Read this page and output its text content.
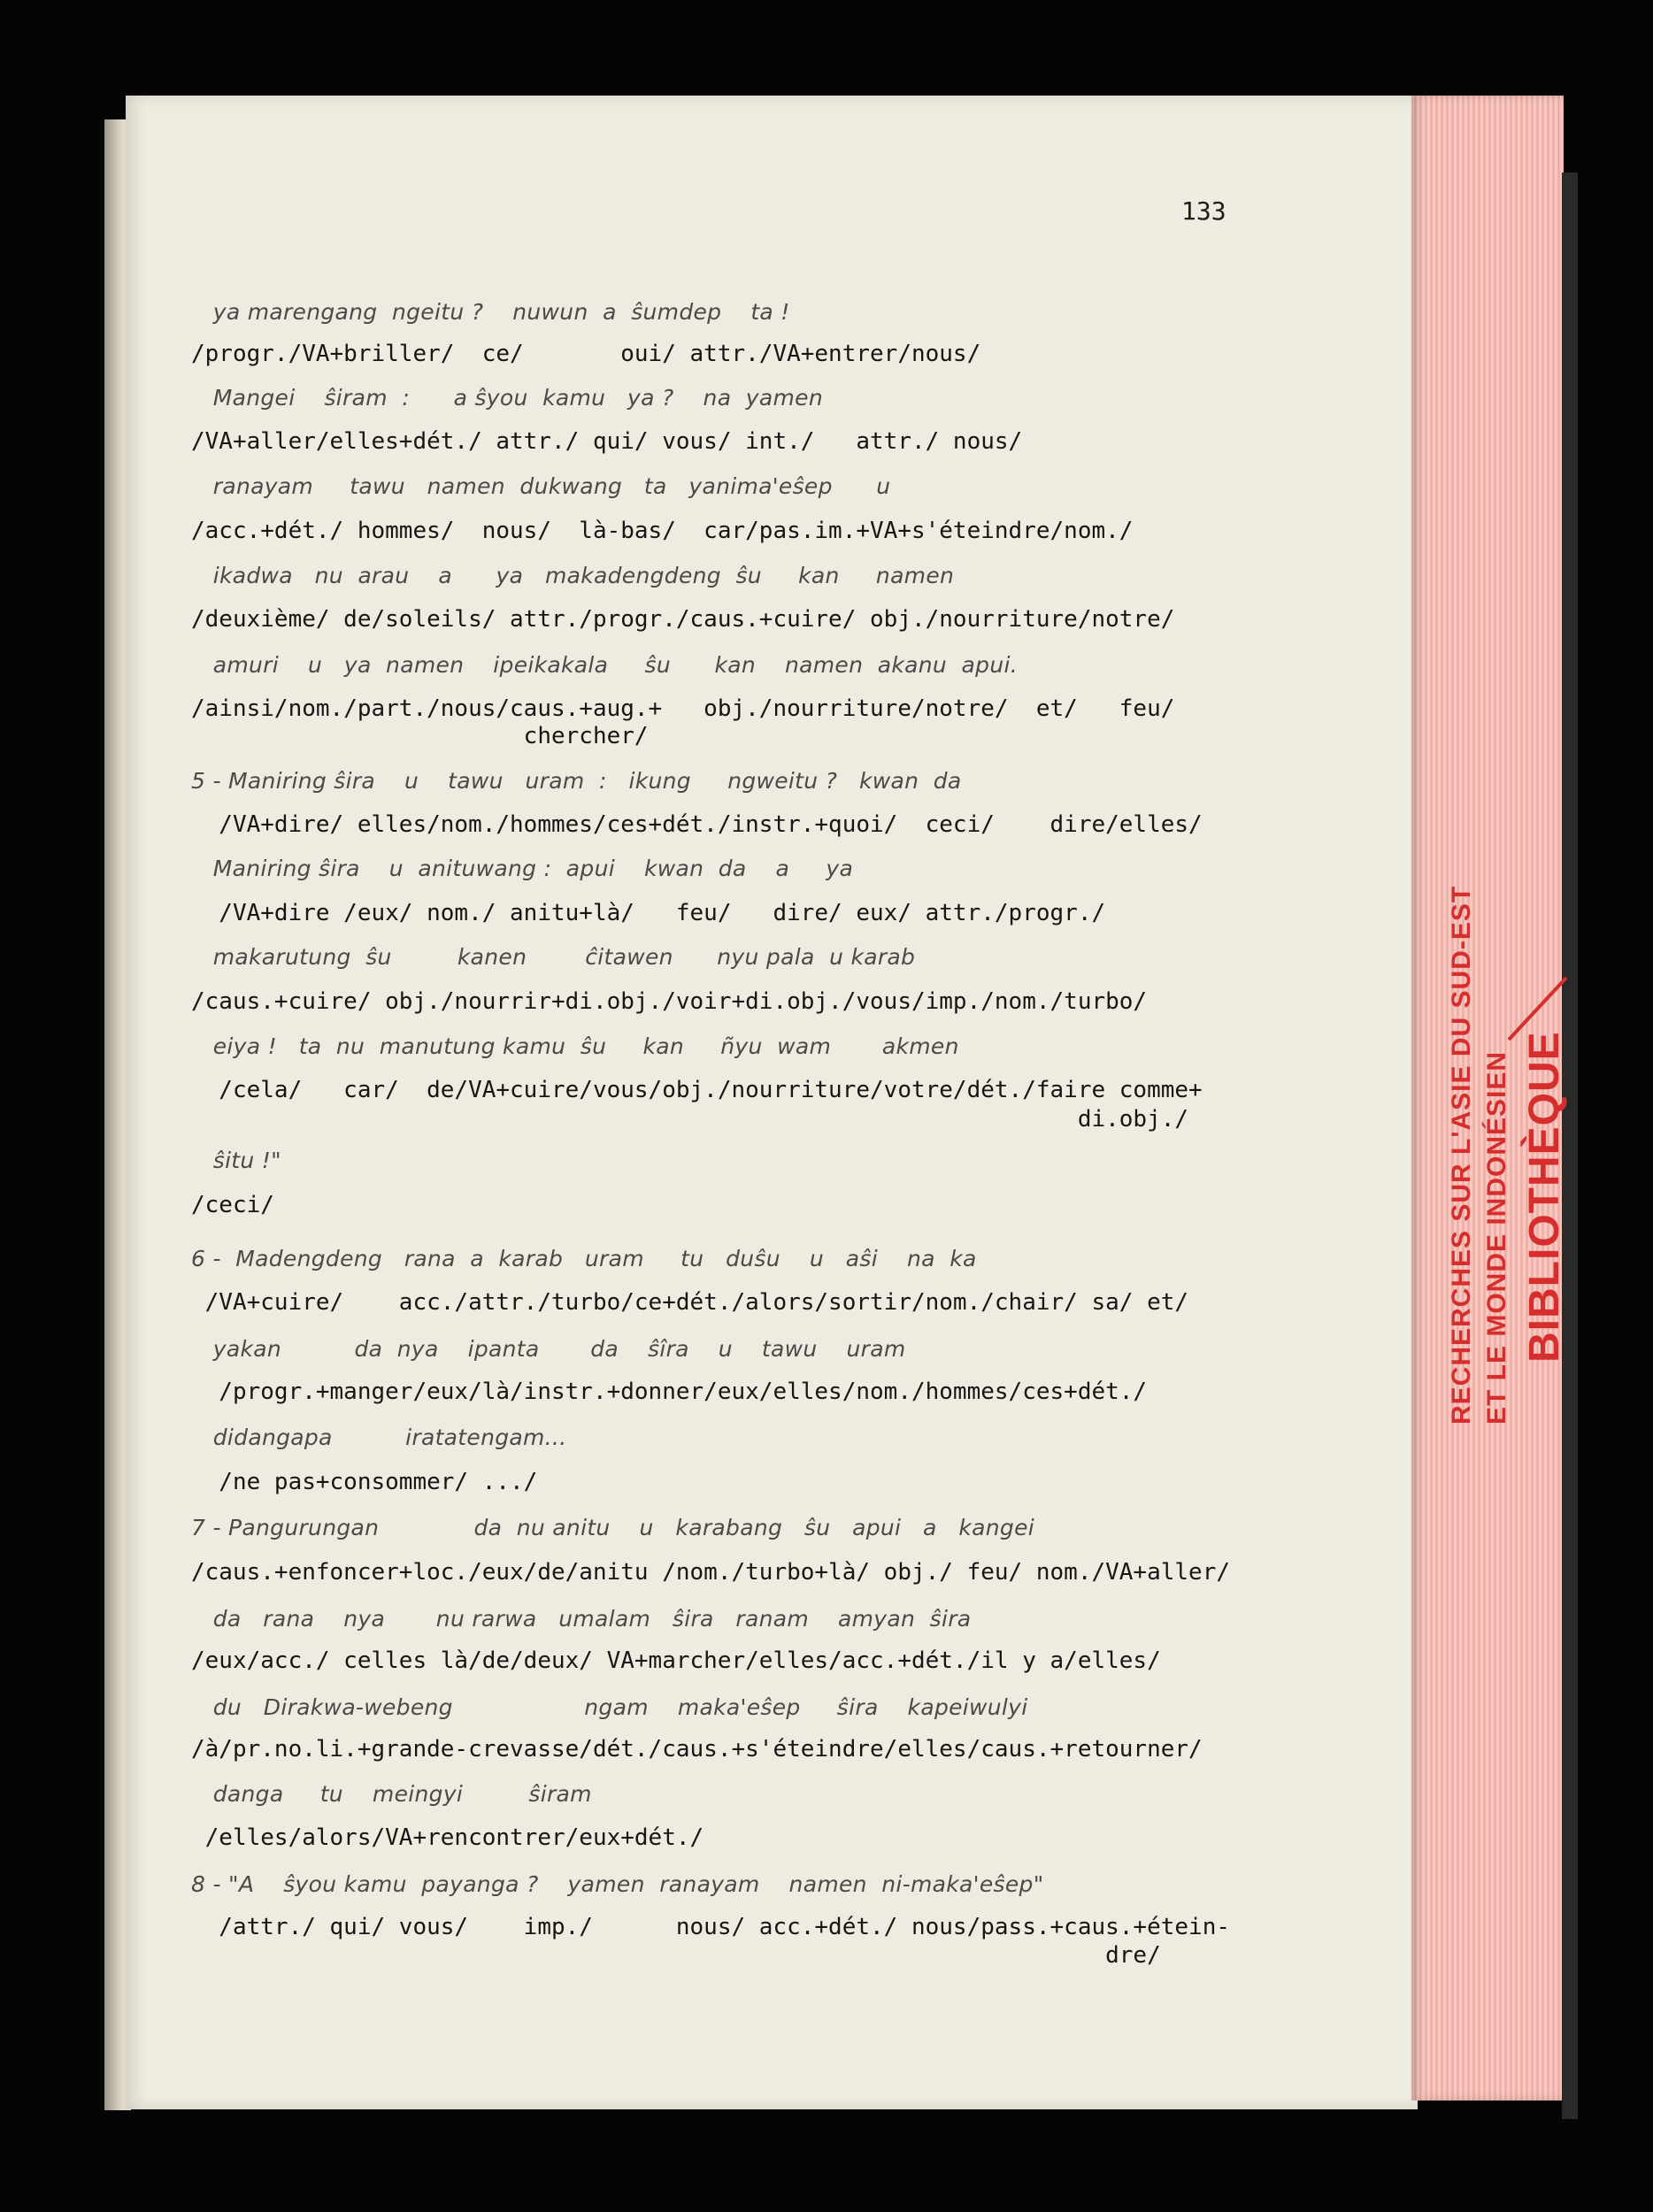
RECHERCHES SUR L'ASIE DU SUD-EST ET LE MONDE INDONÉSIEN BIBLIOTHÈQUE
133
ya marengang  ngeitu ?    nuwun  a  ŝumdep    ta !
/progr./VA+briller/  ce/       oui/ attr./VA+entrer/nous/
Mangei    ŝiram  :      a ŝyou  kamu   ya ?    na  yamen
/VA+aller/elles+dét./ attr./ qui/ vous/ int./   attr./ nous/
ranayam     tawu   namen  dukwang   ta   yanima'eŝep      u
/acc.+dét./ hommes/  nous/  là-bas/  car/pas.im.+VA+s'éteindre/nom./
ikadwa   nu  arau    a      ya   makadengdeng  ŝu     kan     namen
/deuxième/ de/soleils/ attr./progr./caus.+cuire/ obj./nourriture/notre/
amuri    u   ya  namen    ipeikakala     ŝu      kan    namen  akanu  apui.
/ainsi/nom./part./nous/caus.+aug.+   obj./nourriture/notre/  et/   feu/
chercher/
5 - Maniring ŝira    u    tawu   uram  :   ikung     ngweitu ?   kwan  da
/VA+dire/ elles/nom./hommes/ces+dét./instr.+quoi/  ceci/    dire/elles/
Maniring ŝira    u  anituwang :  apui    kwan  da    a     ya
/VA+dire /eux/ nom./ anitu+là/   feu/   dire/ eux/ attr./progr./
makarutung  ŝu         kanen        ĉitawen      nyu pala  u karab
/caus.+cuire/ obj./nourrir+di.obj./voir+di.obj./vous/imp./nom./turbo/
eiya !   ta  nu  manutung kamu  ŝu     kan     ñyu  wam       akmen
/cela/   car/  de/VA+cuire/vous/obj./nourriture/votre/dét./faire comme+
di.obj./
ŝitu !"
/ceci/
6 -  Madengdeng   rana  a  karab   uram     tu   duŝu    u   aŝi    na  ka
/VA+cuire/    acc./attr./turbo/ce+dét./alors/sortir/nom./chair/ sa/ et/
yakan          da  nya    ipanta       da    ŝîra    u    tawu    uram
/progr.+manger/eux/là/instr.+donner/eux/elles/nom./hommes/ces+dét./
didangapa          iratatengam...
/ne pas+consommer/ .../
7 - Pangurungan             da  nu anitu    u   karabang   ŝu   apui   a   kangei
/caus.+enfoncer+loc./eux/de/anitu /nom./turbo+là/ obj./ feu/ nom./VA+aller/
da   rana    nya       nu rarwa   umalam   ŝira   ranam    amyan  ŝira
/eux/acc./ celles là/de/deux/ VA+marcher/elles/acc.+dét./il y a/elles/
du   Dirakwa-webeng                  ngam    maka'eŝep     ŝira    kapeiwulyi
/à/pr.no.li.+grande-crevasse/dét./caus.+s'éteindre/elles/caus.+retourner/
danga     tu    meingyi         ŝiram
/elles/alors/VA+rencontrer/eux+dét./
8 - "A    ŝyou kamu  payanga ?    yamen  ranayam    namen  ni-maka'eŝep"
/attr./ qui/ vous/    imp./      nous/ acc.+dét./ nous/pass.+caus.+étein-
dre/
